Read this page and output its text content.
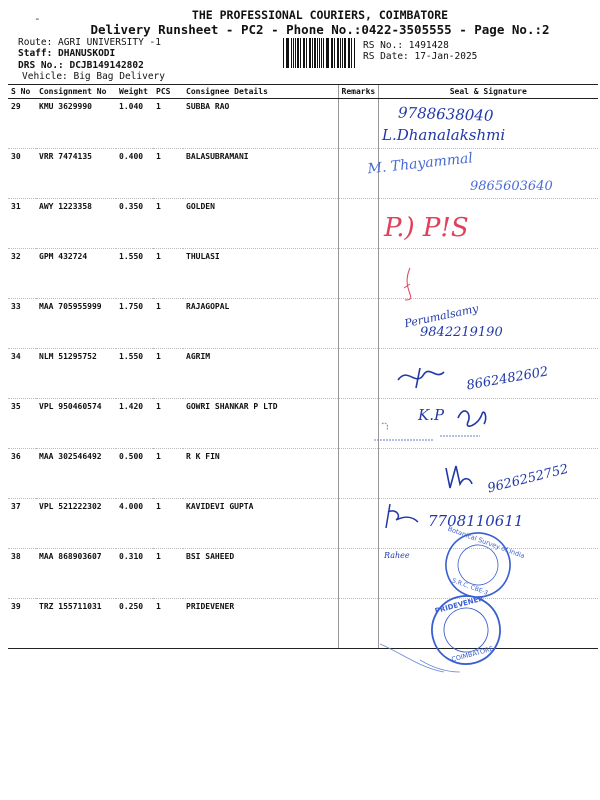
-	THE PROFESSIONAL COURIERS, COIMBATORE
Delivery Runsheet - PC2 - Phone No.:0422-3505555 - Page No.:2
Route: AGRI UNIVERSITY -1
Staff: DHANUSKODI
DRS No.: DCJB149142802
Vehicle: Big Bag Delivery
RS No.: 1491428
RS Date: 17-Jan-2025
S No	Consignment No	Weight	PCS	Consignee Details	Remarks	Seal & Signature
29	KMU 3629990	1.040	1	SUBBA RAO		
30	VRR 7474135	0.400	1	BALASUBRAMANI		
31	AWY 1223358	0.350	1	GOLDEN		
32	GPM 432724	1.550	1	THULASI		
33	MAA 705955999	1.750	1	RAJAGOPAL		
34	NLM 51295752	1.550	1	AGRIM		
35	VPL 950460574	1.420	1	GOWRI SHANKAR P LTD		
36	MAA 302546492	0.500	1	R K FIN		
37	VPL 521222302	4.000	1	KAVIDEVI GUPTA		
38	MAA 868903607	0.310	1	BSI SAHEED		
39	TRZ 155711031	0.250	1	PRIDEVENER		
9788638040
L.Dhanalakshmi
M. Thayammal
9865603640
P.) P!S
Perumalsamy
9842219190
8662482602
K.P
9626252752
7708110611
Rahee	Botanical Survey of India
S.R.C. CBE-3
PRIDEVENER
COIMBATORE
